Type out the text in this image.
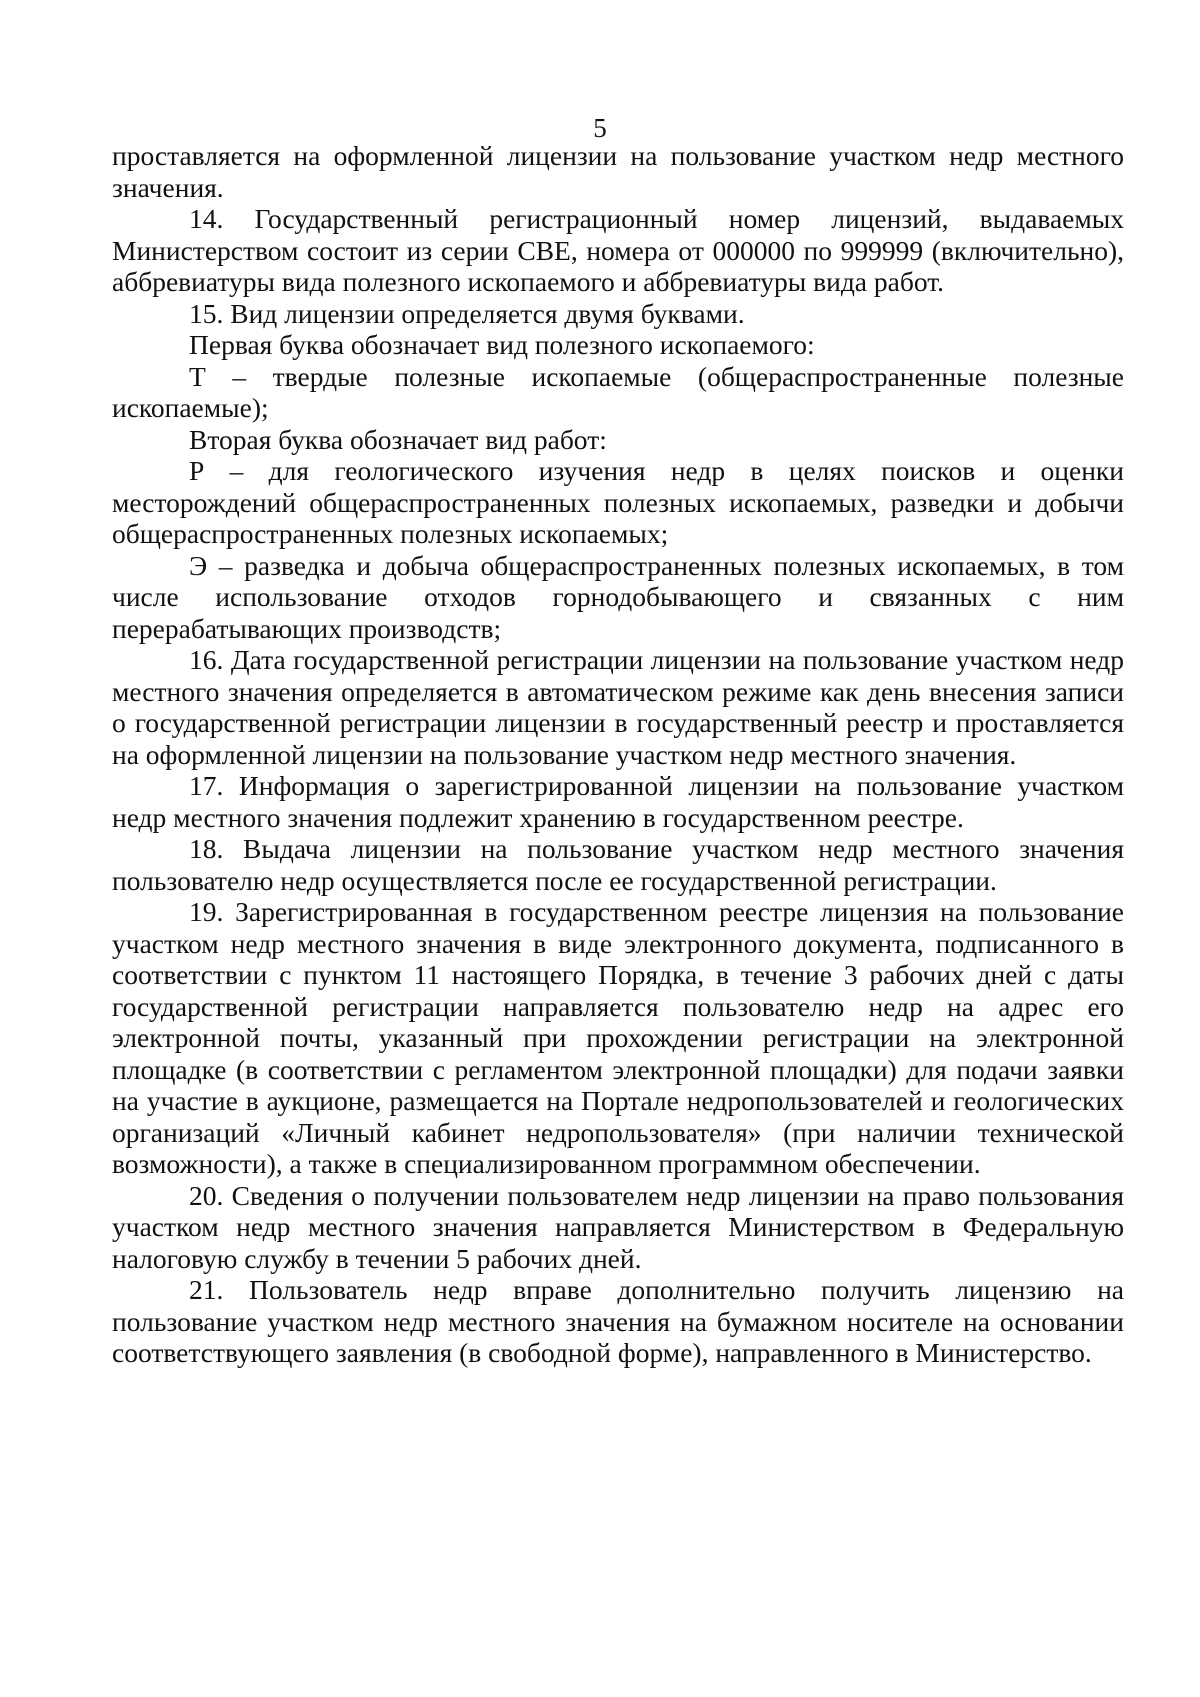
5

проставляется на оформленной лицензии на пользование участком недр местного значения.

14. Государственный регистрационный номер лицензий, выдаваемых Министерством состоит из серии СВЕ, номера от 000000 по 999999 (включительно), аббревиатуры вида полезного ископаемого и аббревиатуры вида работ.

15. Вид лицензии определяется двумя буквами.

Первая буква обозначает вид полезного ископаемого:

Т – твердые полезные ископаемые (общераспространенные полезные ископаемые);

Вторая буква обозначает вид работ:

Р – для геологического изучения недр в целях поисков и оценки месторождений общераспространенных полезных ископаемых, разведки и добычи общераспространенных полезных ископаемых;

Э – разведка и добыча общераспространенных полезных ископаемых, в том числе использование отходов горнодобывающего и связанных с ним перерабатывающих производств;

16. Дата государственной регистрации лицензии на пользование участком недр местного значения определяется в автоматическом режиме как день внесения записи о государственной регистрации лицензии в государственный реестр и проставляется на оформленной лицензии на пользование участком недр местного значения.

17. Информация о зарегистрированной лицензии на пользование участком недр местного значения подлежит хранению в государственном реестре.

18. Выдача лицензии на пользование участком недр местного значения пользователю недр осуществляется после ее государственной регистрации.

19. Зарегистрированная в государственном реестре лицензия на пользование участком недр местного значения в виде электронного документа, подписанного в соответствии с пунктом 11 настоящего Порядка, в течение 3 рабочих дней с даты государственной регистрации направляется пользователю недр на адрес его электронной почты, указанный при прохождении регистрации на электронной площадке (в соответствии с регламентом электронной площадки) для подачи заявки на участие в аукционе, размещается на Портале недропользователей и геологических организаций «Личный кабинет недропользователя» (при наличии технической возможности), а также в специализированном программном обеспечении.

20. Сведения о получении пользователем недр лицензии на право пользования участком недр местного значения направляется Министерством в Федеральную налоговую службу в течении 5 рабочих дней.

21. Пользователь недр вправе дополнительно получить лицензию на пользование участком недр местного значения на бумажном носителе на основании соответствующего заявления (в свободной форме), направленного в Министерство.
